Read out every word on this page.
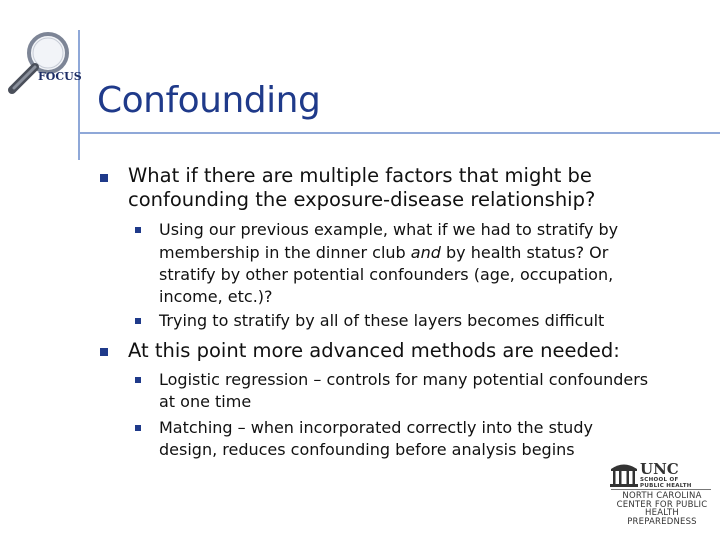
FOCUS
Confounding
What if there are multiple factors that might be
confounding the exposure-disease relationship?
Using our previous example, what if we had to stratify by
membership in the dinner club and by health status? Or
stratify by other potential confounders (age, occupation,
income, etc.)?
Trying to stratify by all of these layers becomes difficult
At this point more advanced methods are needed:
Logistic regression – controls for many potential confounders
at one time
Matching – when incorporated correctly into the study
design, reduces confounding before analysis begins
UNC
SCHOOL OF
PUBLIC HEALTH
NORTH CAROLINA
CENTER FOR PUBLIC
HEALTH PREPAREDNESS
